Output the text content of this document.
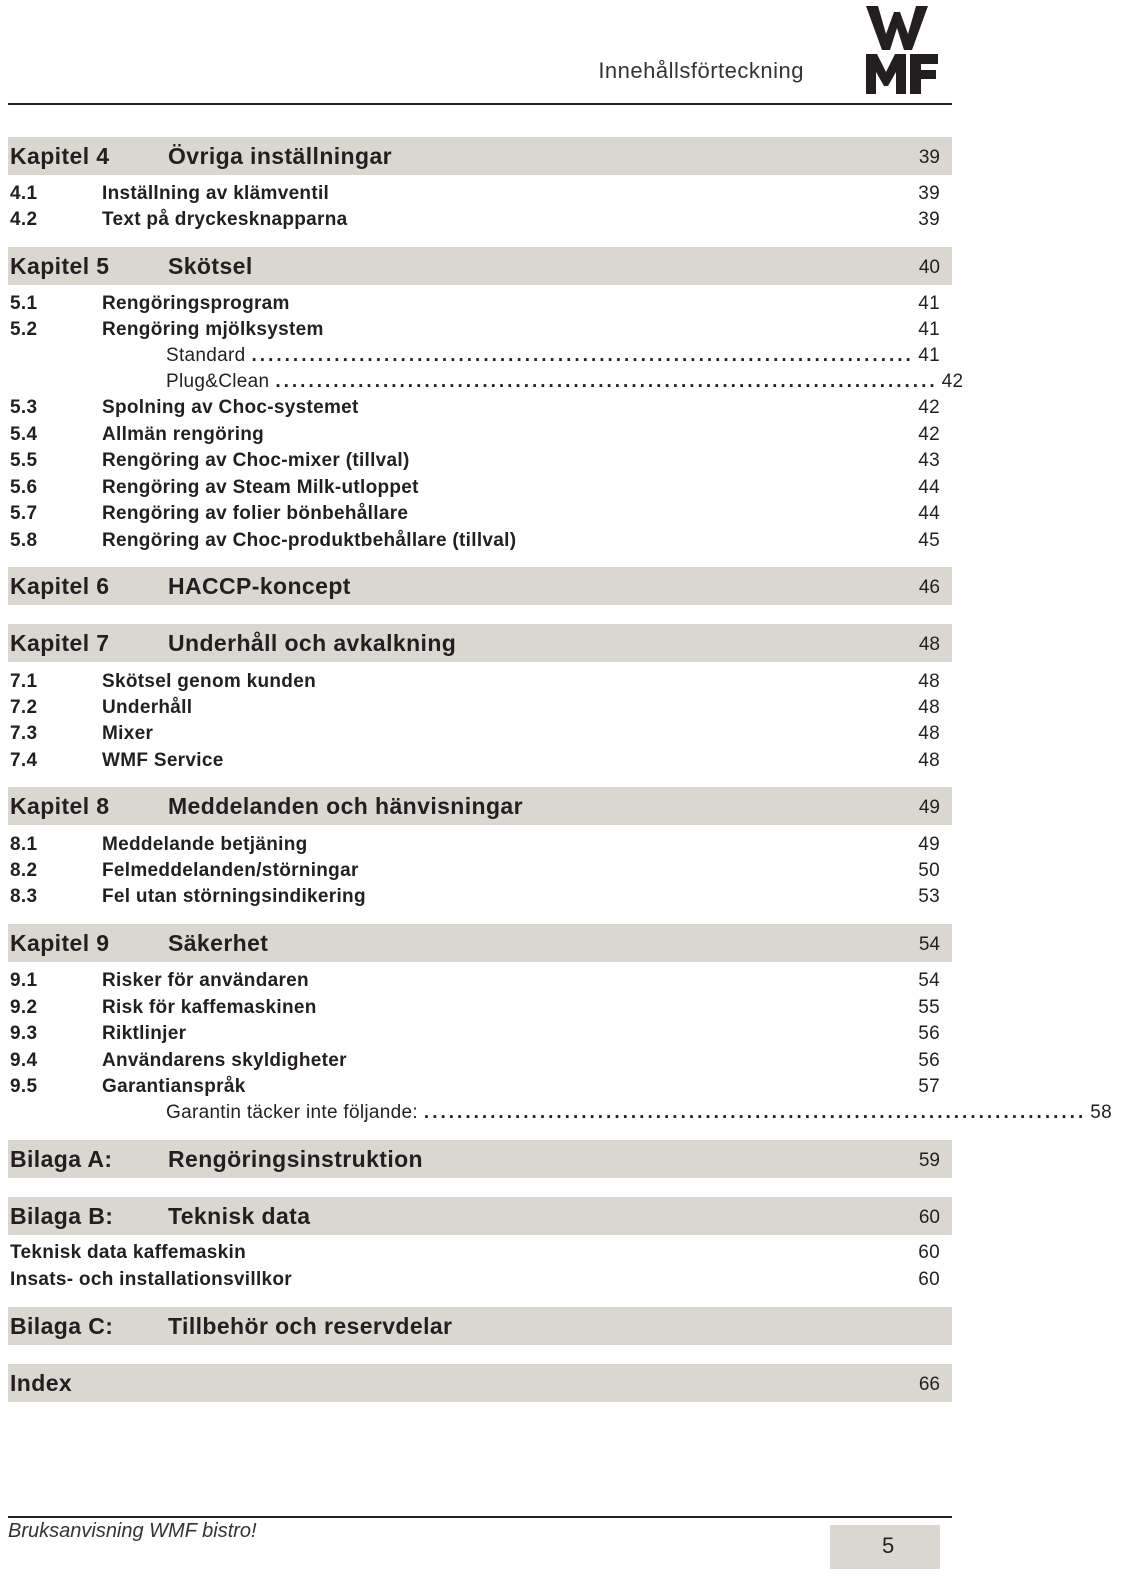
Innehållsförteckning
Kapitel 4	Övriga inställningar	39
4.1	Inställning av klämventil	39
4.2	Text på dryckesknapparna	39
Kapitel 5	Skötsel	40
5.1	Rengöringsprogram	41
5.2	Rengöring mjölksystem	41
Standard ................................................................................ 41
Plug&Clean ................................................................................ 42
5.3	Spolning av Choc-systemet	42
5.4	Allmän rengöring	42
5.5	Rengöring av Choc-mixer (tillval)	43
5.6	Rengöring av Steam Milk-utloppet	44
5.7	Rengöring av folier bönbehållare	44
5.8	Rengöring av Choc-produktbehållare (tillval)	45
Kapitel 6	HACCP-koncept	46
Kapitel 7	Underhåll och avkalkning	48
7.1	Skötsel genom kunden	48
7.2	Underhåll	48
7.3	Mixer	48
7.4	WMF Service	48
Kapitel 8	Meddelanden och hänvisningar	49
8.1	Meddelande betjäning	49
8.2	Felmeddelanden/störningar	50
8.3	Fel utan störningsindikering	53
Kapitel 9	Säkerhet	54
9.1	Risker för användaren	54
9.2	Risk för kaffemaskinen	55
9.3	Riktlinjer	56
9.4	Användarens skyldigheter	56
9.5	Garantianspråk	57
Garantin täcker inte följande: ................................................................................ 58
Bilaga A: Rengöringsinstruktion	59
Bilaga B: Teknisk data	60
Teknisk data kaffemaskin	60
Insats- och installationsvillkor	60
Bilaga C: Tillbehör och reservdelar
Index	66
Bruksanvisning WMF bistro!
5
